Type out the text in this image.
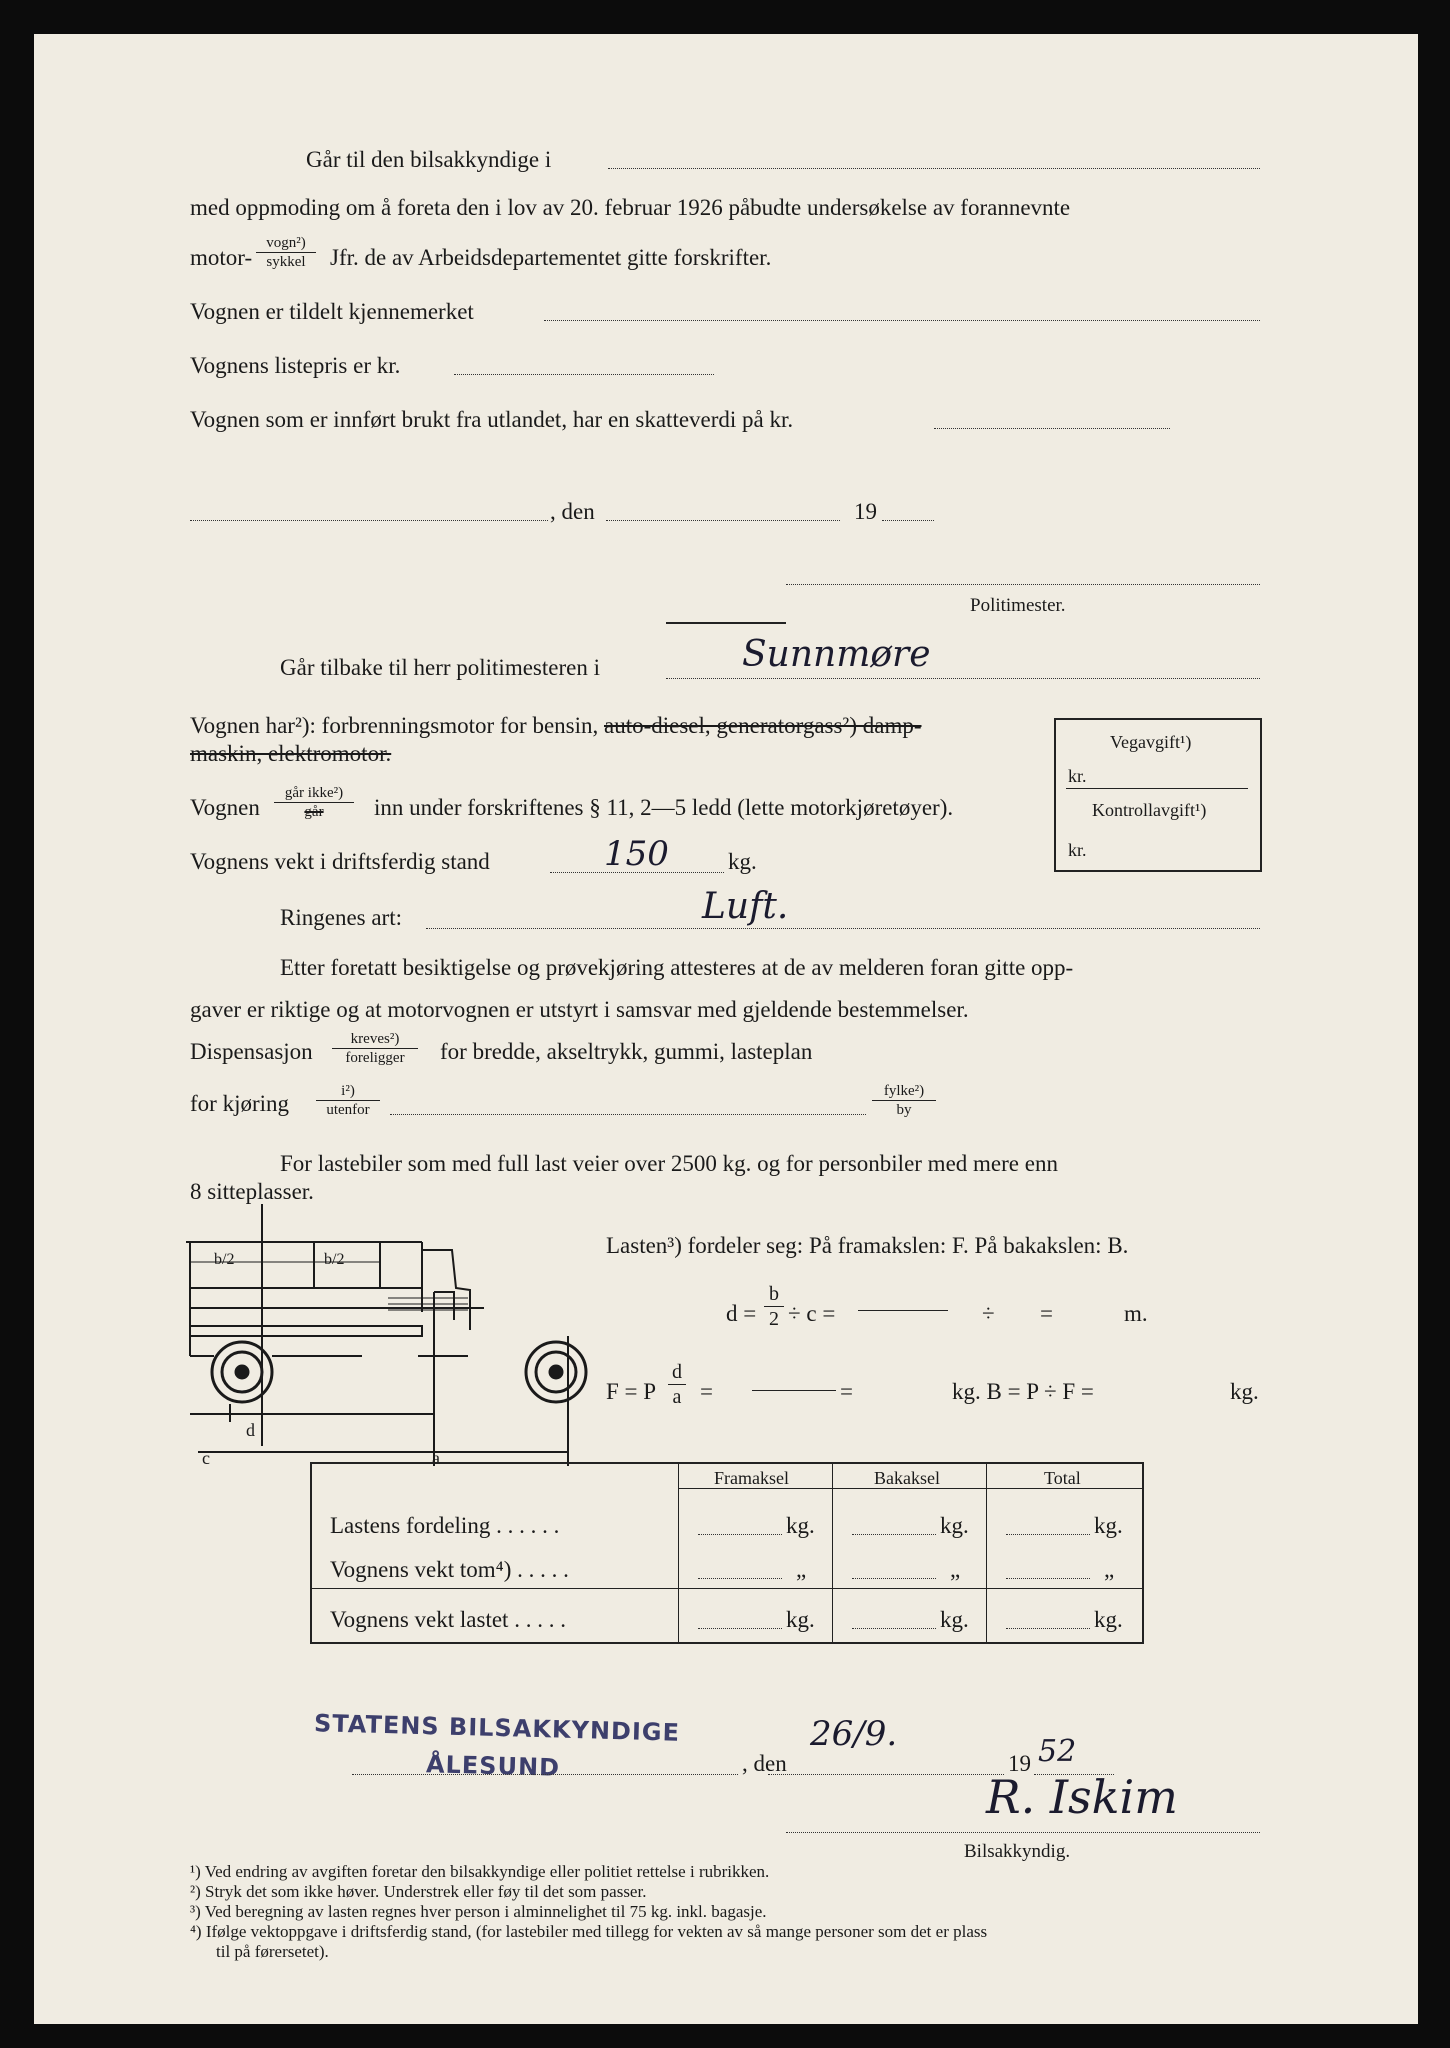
Går til den bilsakkyndige i
med oppmoding om å foreta den i lov av 20. februar 1926 påbudte undersøkelse av forannevnte
motor-
vogn²)
sykkel	Jfr. de av Arbeidsdepartementet gitte forskrifter.
Vognen er tildelt kjennemerket
Vognens listepris er kr.
Vognen som er innført brukt fra utlandet, har en skatteverdi på kr.
, den	19
Politimester.
Går tilbake til herr politimesteren i	Sunnmøre
Vognen har²): forbrenningsmotor for bensin, auto-diesel, generatorgass²) damp-
maskin, elektromotor.
Vognen
går ikke²)
går	inn under forskriftenes § 11, 2—5 ledd (lette motorkjøretøyer).
Vognens vekt i driftsferdig stand	150	kg.
Ringenes art:	Luft.
Vegavgift¹)
kr.
Kontrollavgift¹)
kr.
Etter foretatt besiktigelse og prøvekjøring attesteres at de av melderen foran gitte opp-
gaver er riktige og at motorvognen er utstyrt i samsvar med gjeldende bestemmelser.
Dispensasjon	kreves²)
foreligger	for bredde, akseltrykk, gummi, lasteplan
for kjøring	i²)
utenfor
fylke²)
by
For lastebiler som med full last veier over 2500 kg. og for personbiler med mere enn
8 sitteplasser.
b/2	b/2
d
c	a
Lasten³) fordeler seg: På framakslen: F. På bakakslen: B.
$d = \frac{b}{2} \div c$ =	÷ =	m.
F = P $\frac{d}{a}$ =	=	kg. B = P ÷ F =	kg.
Framaksel	Bakaksel	Total
Lastens fordeling . . . . . .	kg.	kg.	kg.
Vognens vekt tom⁴) . . . . .	„	„	„
Vognens vekt lastet . . . . .	kg.	kg.	kg.
STATENS BILSAKKYNDIGE
ÅLESUND	, den
26/9.
19 52
R. Iskim
Bilsakkyndig.
¹) Ved endring av avgiften foretar den bilsakkyndige eller politiet rettelse i rubrikken.
²) Stryk det som ikke høver. Understrek eller føy til det som passer.
³) Ved beregning av lasten regnes hver person i alminnelighet til 75 kg. inkl. bagasje.
⁴) Ifølge vektoppgave i driftsferdig stand, (for lastebiler med tillegg for vekten av så mange personer som det er plass
til på førersetet).
